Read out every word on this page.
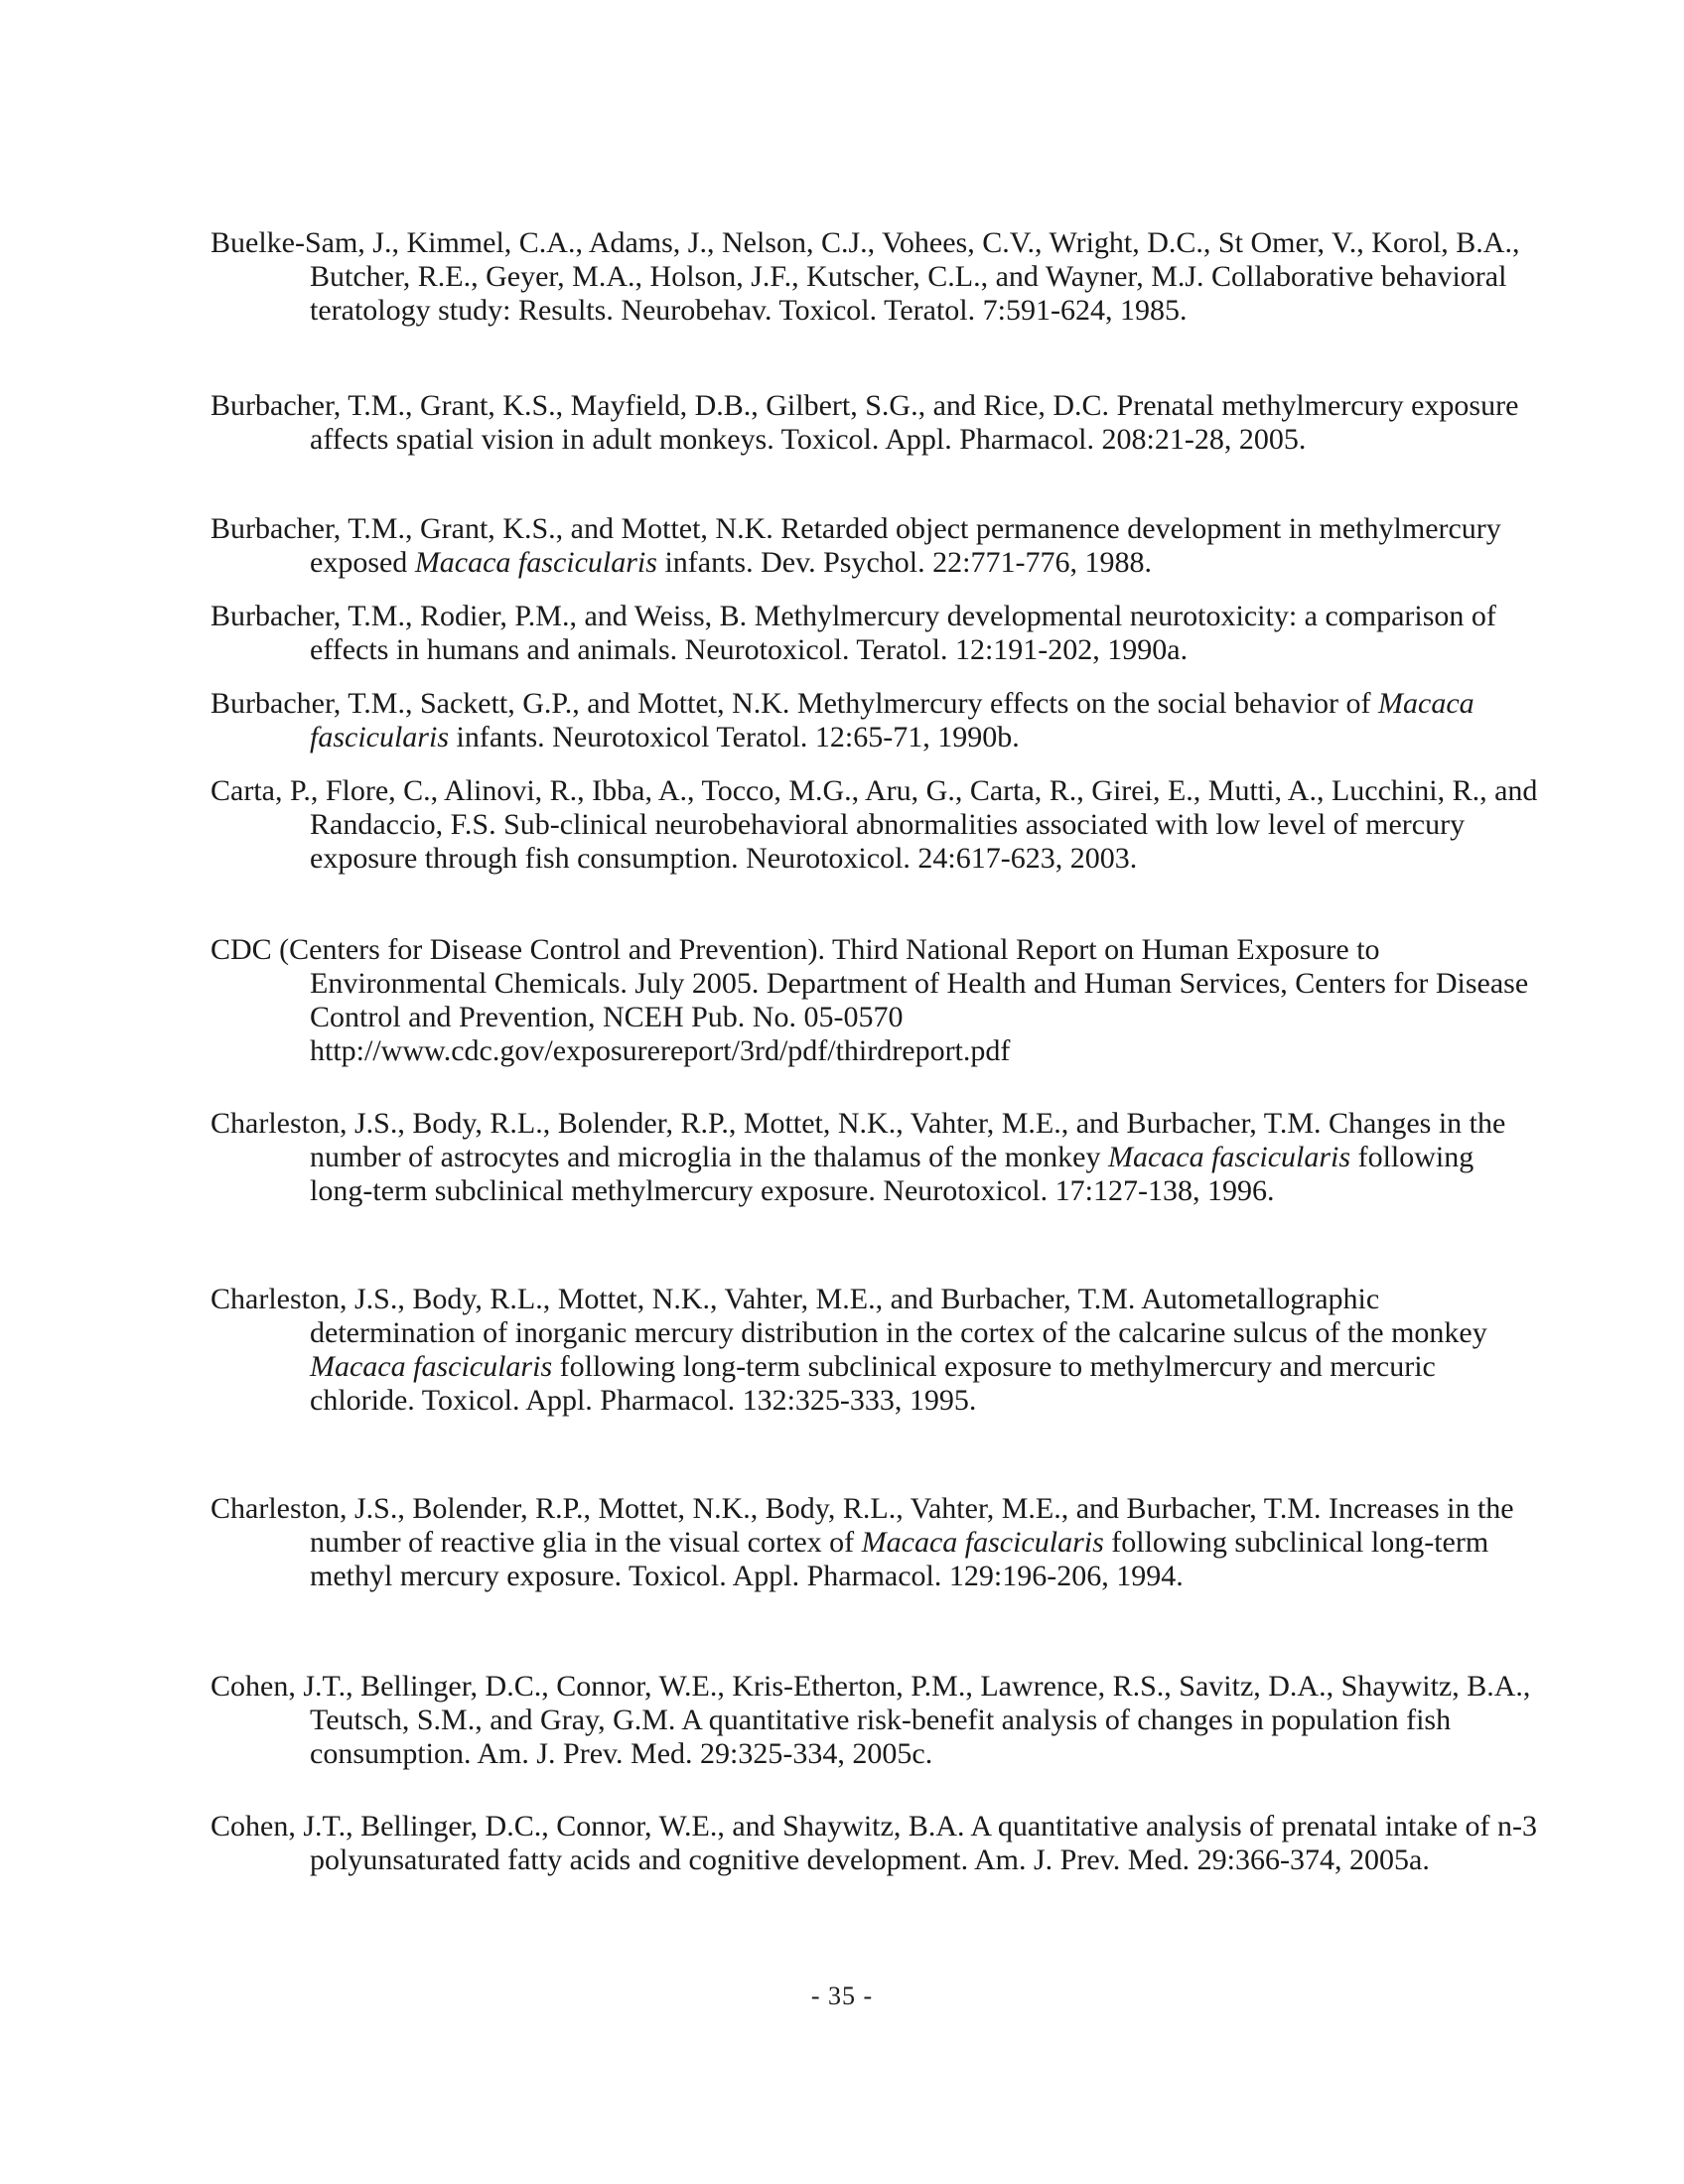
Buelke-Sam, J., Kimmel, C.A., Adams, J., Nelson, C.J., Vohees, C.V., Wright, D.C., St Omer, V., Korol, B.A., Butcher, R.E., Geyer, M.A., Holson, J.F., Kutscher, C.L., and Wayner, M.J. Collaborative behavioral teratology study: Results. Neurobehav. Toxicol. Teratol. 7:591-624, 1985.

Burbacher, T.M., Grant, K.S., Mayfield, D.B., Gilbert, S.G., and Rice, D.C. Prenatal methylmercury exposure affects spatial vision in adult monkeys. Toxicol. Appl. Pharmacol. 208:21-28, 2005.

Burbacher, T.M., Grant, K.S., and Mottet, N.K. Retarded object permanence development in methylmercury exposed Macaca fascicularis infants. Dev. Psychol. 22:771-776, 1988.

Burbacher, T.M., Rodier, P.M., and Weiss, B. Methylmercury developmental neurotoxicity: a comparison of effects in humans and animals. Neurotoxicol. Teratol. 12:191-202, 1990a.

Burbacher, T.M., Sackett, G.P., and Mottet, N.K. Methylmercury effects on the social behavior of Macaca fascicularis infants. Neurotoxicol Teratol. 12:65-71, 1990b.

Carta, P., Flore, C., Alinovi, R., Ibba, A., Tocco, M.G., Aru, G., Carta, R., Girei, E., Mutti, A., Lucchini, R., and Randaccio, F.S. Sub-clinical neurobehavioral abnormalities associated with low level of mercury exposure through fish consumption. Neurotoxicol. 24:617-623, 2003.

CDC (Centers for Disease Control and Prevention). Third National Report on Human Exposure to Environmental Chemicals. July 2005. Department of Health and Human Services, Centers for Disease Control and Prevention, NCEH Pub. No. 05-0570 http://www.cdc.gov/exposurereport/3rd/pdf/thirdreport.pdf

Charleston, J.S., Body, R.L., Bolender, R.P., Mottet, N.K., Vahter, M.E., and Burbacher, T.M. Changes in the number of astrocytes and microglia in the thalamus of the monkey Macaca fascicularis following long-term subclinical methylmercury exposure. Neurotoxicol. 17:127-138, 1996.

Charleston, J.S., Body, R.L., Mottet, N.K., Vahter, M.E., and Burbacher, T.M. Autometallographic determination of inorganic mercury distribution in the cortex of the calcarine sulcus of the monkey Macaca fascicularis following long-term subclinical exposure to methylmercury and mercuric chloride. Toxicol. Appl. Pharmacol. 132:325-333, 1995.

Charleston, J.S., Bolender, R.P., Mottet, N.K., Body, R.L., Vahter, M.E., and Burbacher, T.M. Increases in the number of reactive glia in the visual cortex of Macaca fascicularis following subclinical long-term methyl mercury exposure. Toxicol. Appl. Pharmacol. 129:196-206, 1994.

Cohen, J.T., Bellinger, D.C., Connor, W.E., Kris-Etherton, P.M., Lawrence, R.S., Savitz, D.A., Shaywitz, B.A., Teutsch, S.M., and Gray, G.M. A quantitative risk-benefit analysis of changes in population fish consumption. Am. J. Prev. Med. 29:325-334, 2005c.

Cohen, J.T., Bellinger, D.C., Connor, W.E., and Shaywitz, B.A. A quantitative analysis of prenatal intake of n-3 polyunsaturated fatty acids and cognitive development. Am. J. Prev. Med. 29:366-374, 2005a.

- 35 -
